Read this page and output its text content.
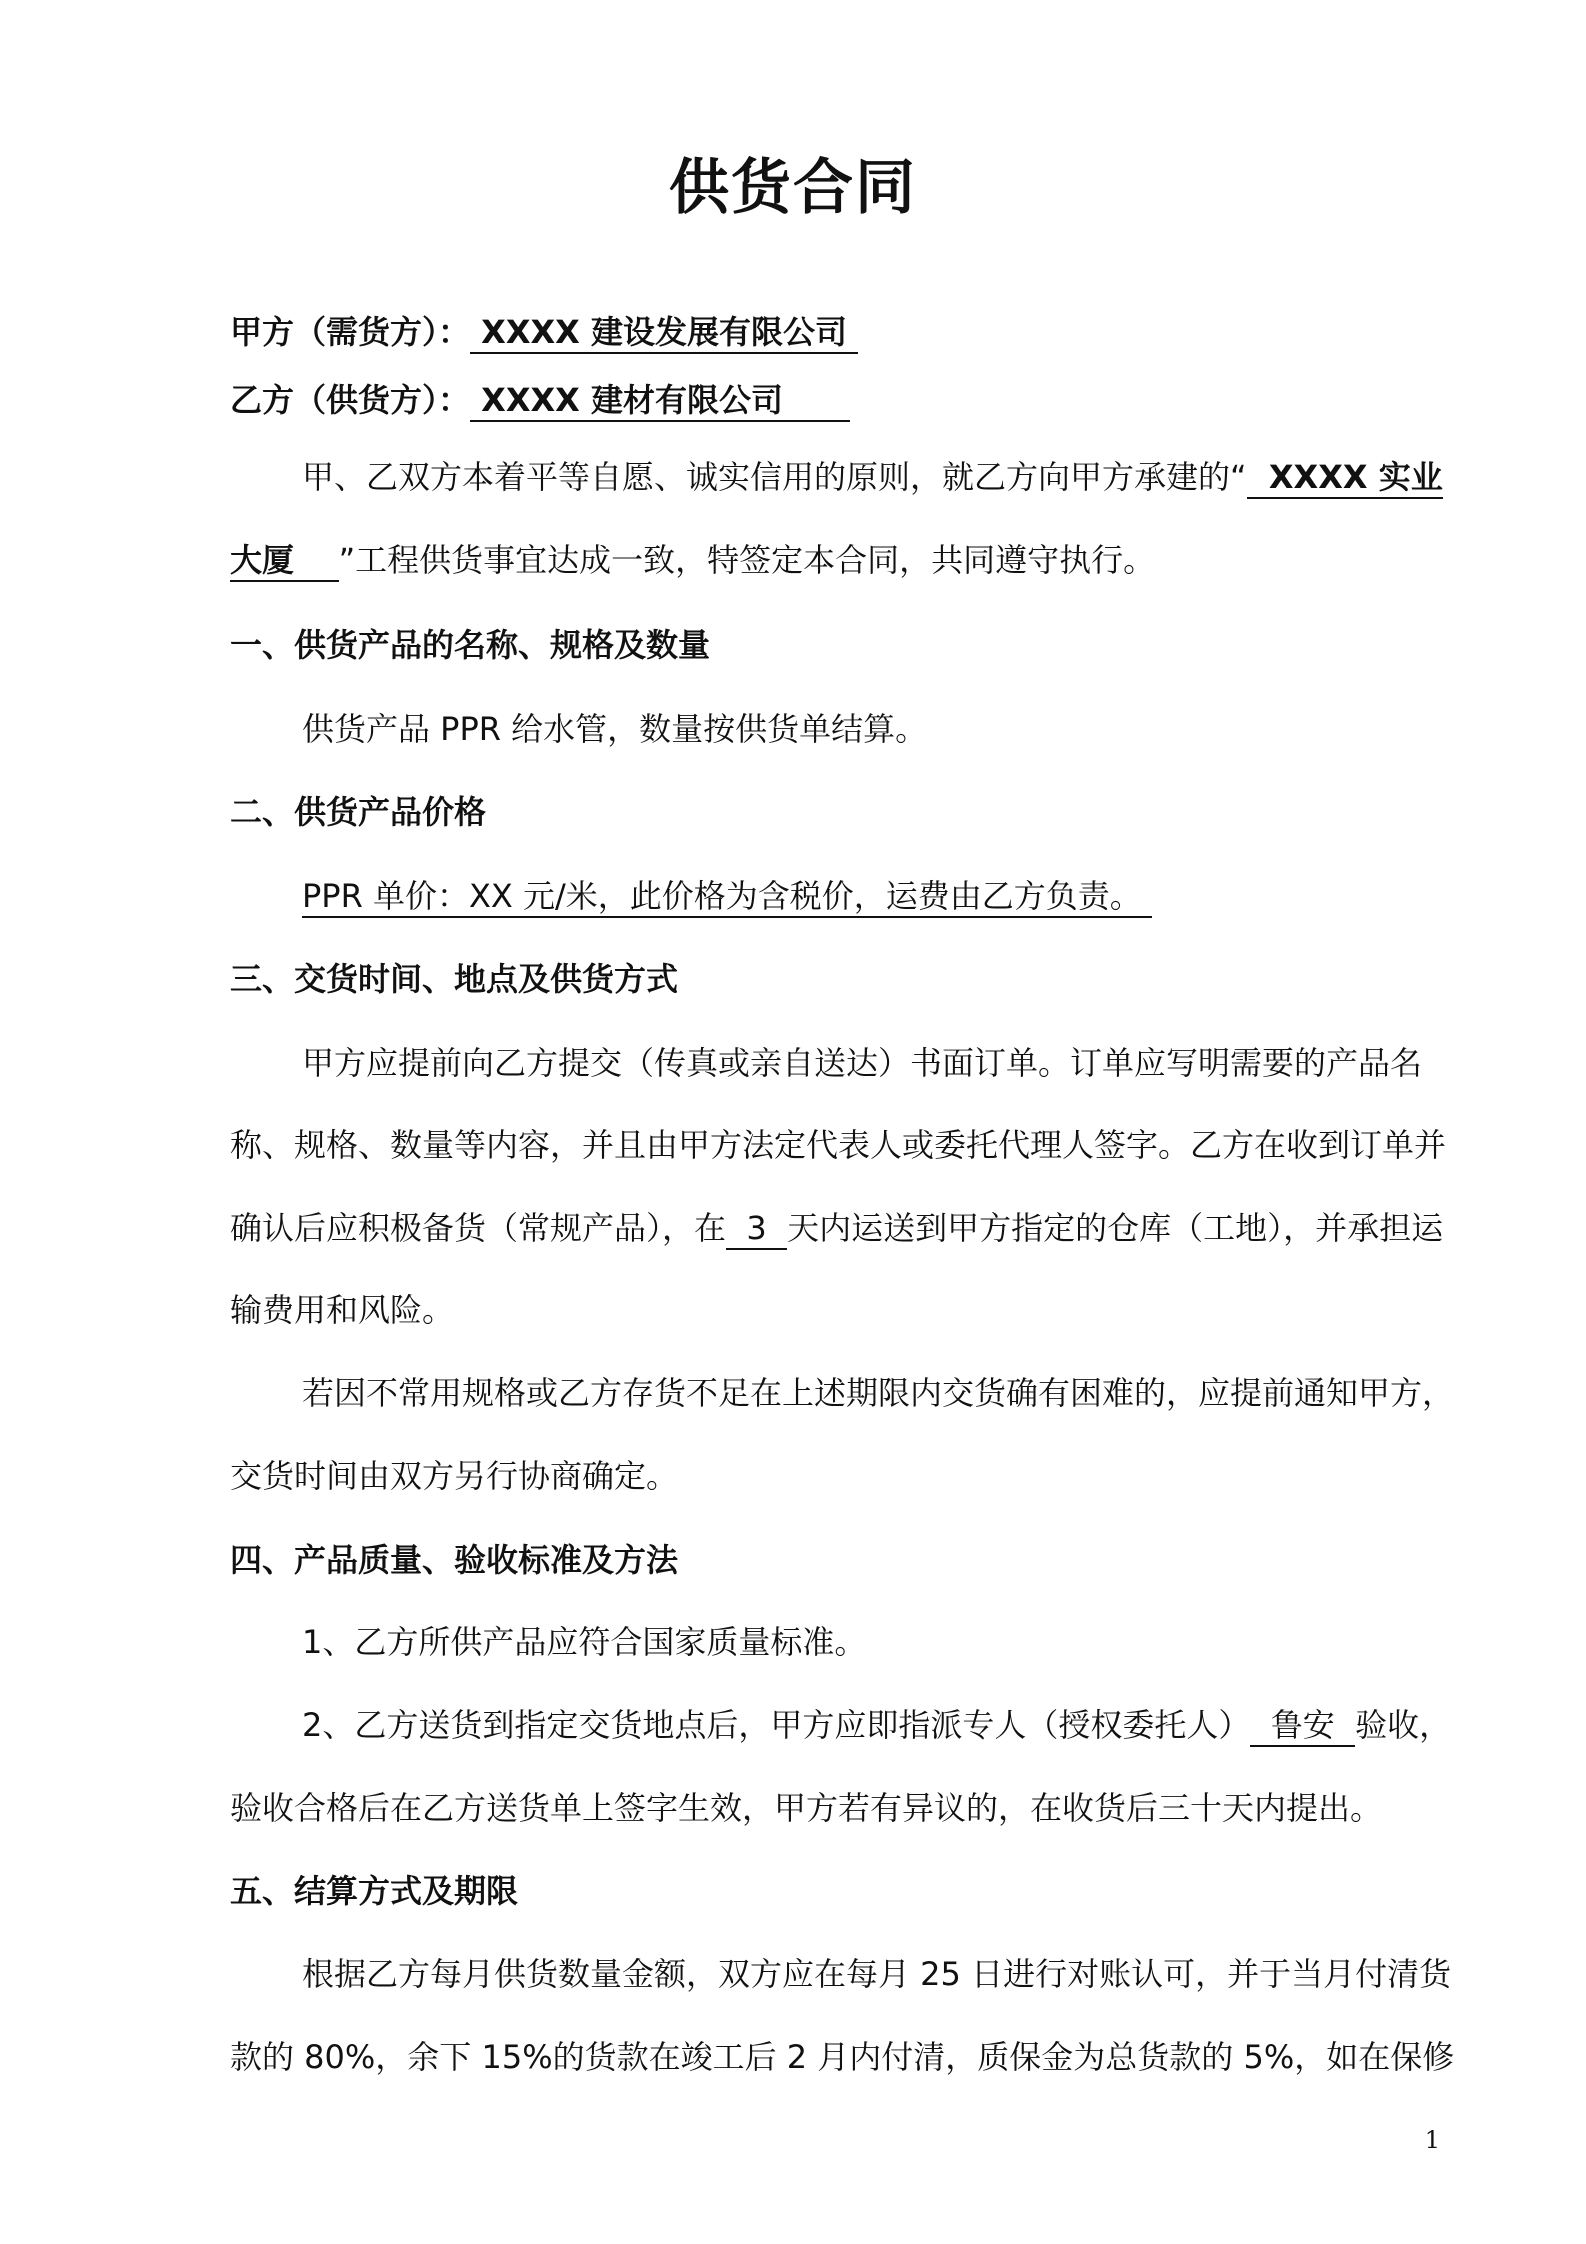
供货合同

甲方（需货方）： XXXX 建设发展有限公司

乙方（供货方）： XXXX 建材有限公司

甲、乙双方本着平等自愿、诚实信用的原则，就乙方向甲方承建的“  XXXX 实业

大厦    ”工程供货事宜达成一致，特签定本合同，共同遵守执行。

一、供货产品的名称、规格及数量

供货产品 PPR 给水管，数量按供货单结算。

二、供货产品价格

PPR 单价：XX 元/米，此价格为含税价，运费由乙方负责。

三、交货时间、地点及供货方式

甲方应提前向乙方提交（传真或亲自送达）书面订单。订单应写明需要的产品名

称、规格、数量等内容，并且由甲方法定代表人或委托代理人签字。乙方在收到订单并

确认后应积极备货（常规产品），在  3  天内运送到甲方指定的仓库（工地），并承担运

输费用和风险。

若因不常用规格或乙方存货不足在上述期限内交货确有困难的，应提前通知甲方，

交货时间由双方另行协商确定。

四、产品质量、验收标准及方法

1、乙方所供产品应符合国家质量标准。

2、乙方送货到指定交货地点后，甲方应即指派专人（授权委托人）  鲁安  验收，

验收合格后在乙方送货单上签字生效，甲方若有异议的，在收货后三十天内提出。

五、结算方式及期限

根据乙方每月供货数量金额，双方应在每月 25 日进行对账认可，并于当月付清货

款的 80%，余下 15%的货款在竣工后 2 月内付清，质保金为总货款的 5%，如在保修

1
